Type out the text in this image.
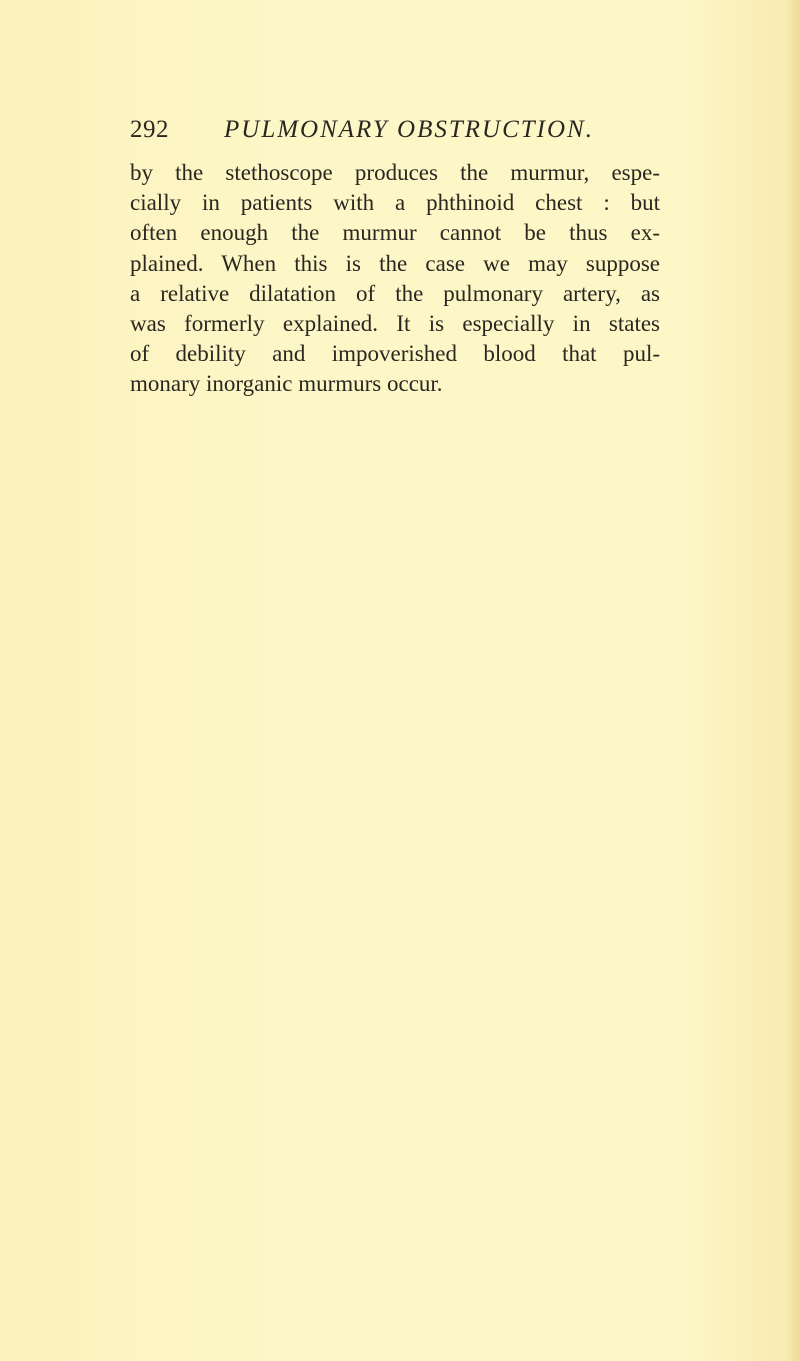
292 PULMONARY OBSTRUCTION.
by the stethoscope produces the murmur, espe-
cially in patients with a phthinoid chest : but
often enough the murmur cannot be thus ex-
plained. When this is the case we may suppose
a relative dilatation of the pulmonary artery, as
was formerly explained. It is especially in states
of debility and impoverished blood that pul-
monary inorganic murmurs occur.
